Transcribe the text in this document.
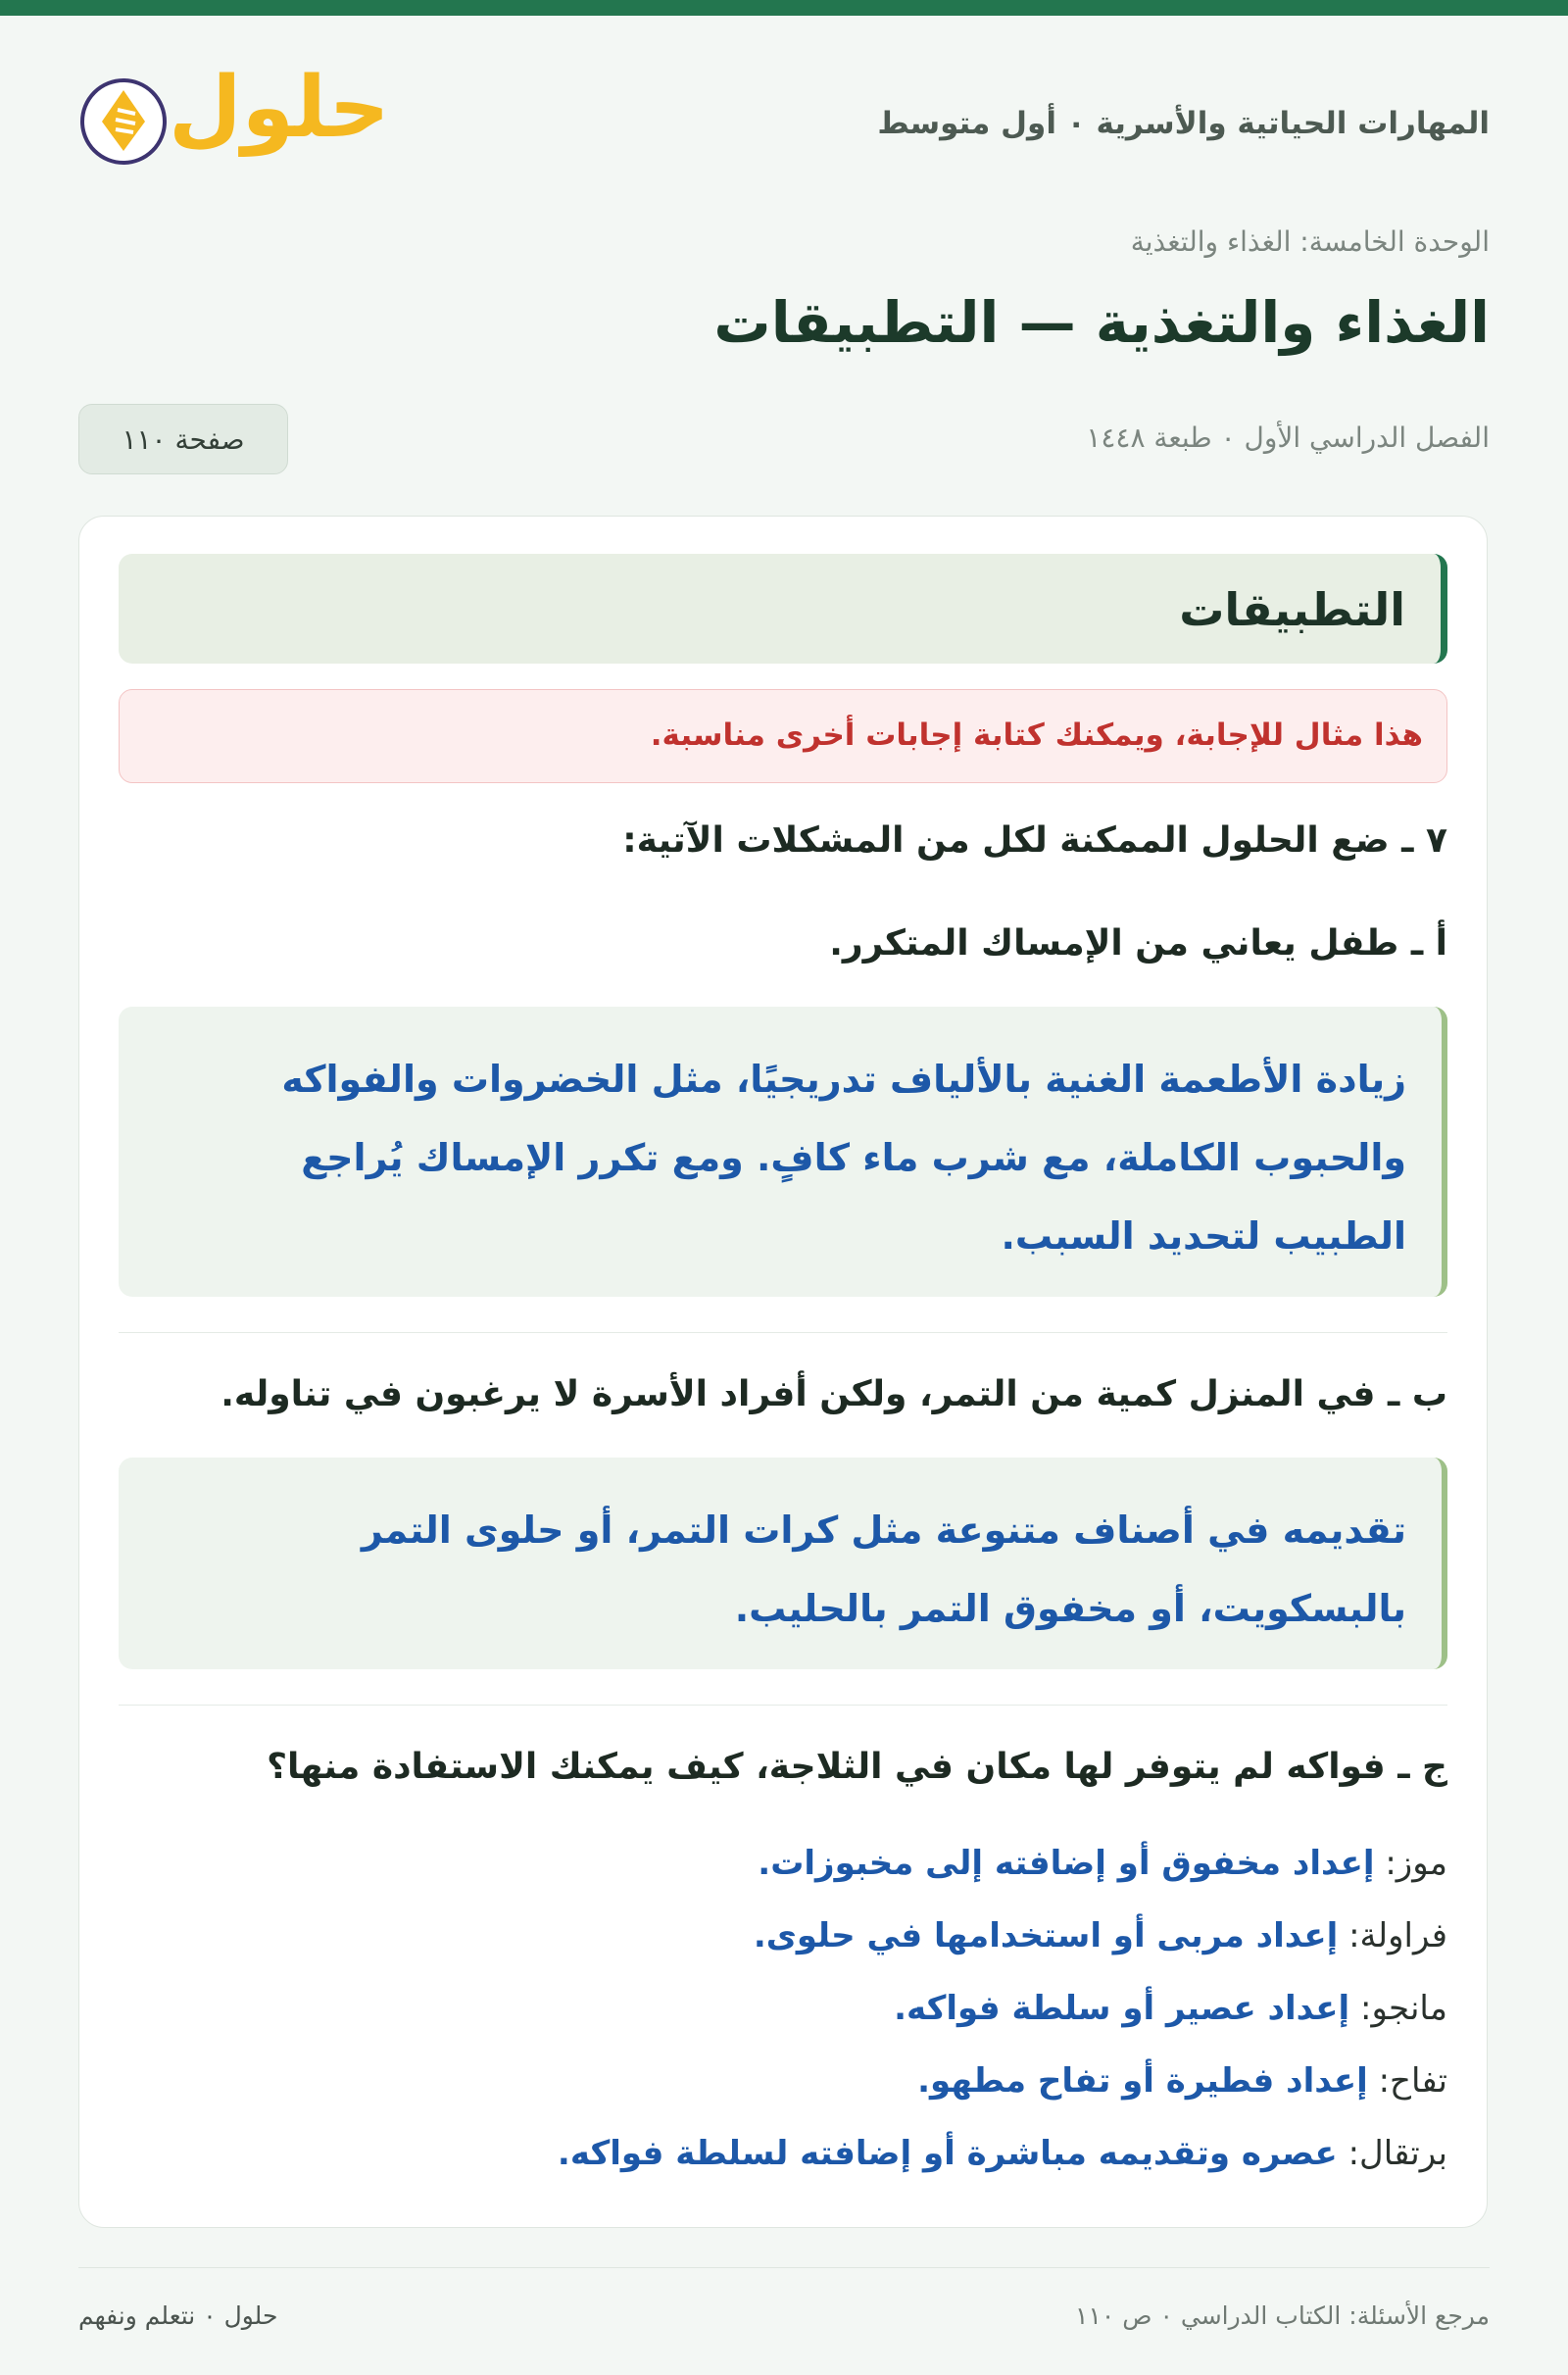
المهارات الحياتية والأسرية ٠ أول متوسط
حلول
الوحدة الخامسة: الغذاء والتغذية
الغذاء والتغذية — التطبيقات
الفصل الدراسي الأول ٠ طبعة ١٤٤٨
صفحة ١١٠
التطبيقات
هذا مثال للإجابة، ويمكنك كتابة إجابات أخرى مناسبة.
٧ ـ ضع الحلول الممكنة لكل من المشكلات الآتية:
أ ـ طفل يعاني من الإمساك المتكرر.
زيادة الأطعمة الغنية بالألياف تدريجيًا، مثل الخضروات والفواكه والحبوب الكاملة، مع شرب ماء كافٍ. ومع تكرر الإمساك يُراجع الطبيب لتحديد السبب.
ب ـ في المنزل كمية من التمر، ولكن أفراد الأسرة لا يرغبون في تناوله.
تقديمه في أصناف متنوعة مثل كرات التمر، أو حلوى التمر بالبسكويت، أو مخفوق التمر بالحليب.
ج ـ فواكه لم يتوفر لها مكان في الثلاجة، كيف يمكنك الاستفادة منها؟
موز: إعداد مخفوق أو إضافته إلى مخبوزات.
فراولة: إعداد مربى أو استخدامها في حلوى.
مانجو: إعداد عصير أو سلطة فواكه.
تفاح: إعداد فطيرة أو تفاح مطهو.
برتقال: عصره وتقديمه مباشرة أو إضافته لسلطة فواكه.
مرجع الأسئلة: الكتاب الدراسي ٠ ص ١١٠
حلول ٠ نتعلم ونفهم
